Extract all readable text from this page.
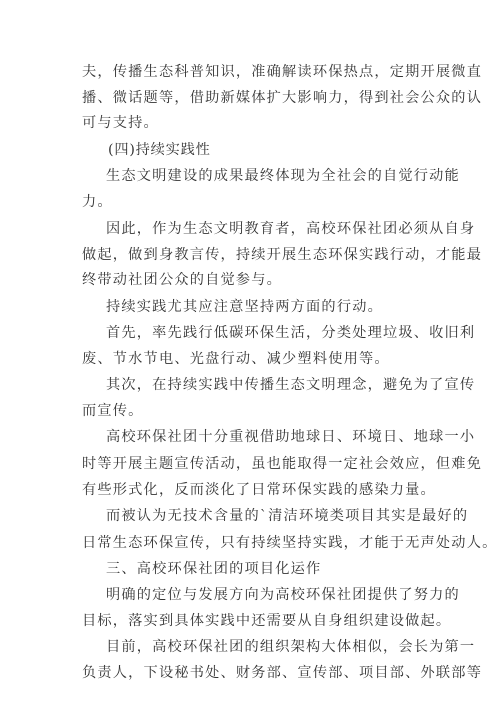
夫，传播生态科普知识，准确解读环保热点，定期开展微直
播、微话题等，借助新媒体扩大影响力，得到社会公众的认
可与支持。
(四)持续实践性
生态文明建设的成果最终体现为全社会的自觉行动能
力。
因此，作为生态文明教育者，高校环保社团必须从自身
做起，做到身教言传，持续开展生态环保实践行动，才能最
终带动社团公众的自觉参与。
持续实践尤其应注意坚持两方面的行动。
首先，率先践行低碳环保生活，分类处理垃圾、收旧利
废、节水节电、光盘行动、减少塑料使用等。
其次，在持续实践中传播生态文明理念，避免为了宣传
而宣传。
高校环保社团十分重视借助地球日、环境日、地球一小
时等开展主题宣传活动，虽也能取得一定社会效应，但难免
有些形式化，反而淡化了日常环保实践的感染力量。
而被认为无技术含量的`清洁环境类项目其实是最好的
日常生态环保宣传，只有持续坚持实践，才能于无声处动人。
三、高校环保社团的项目化运作
明确的定位与发展方向为高校环保社团提供了努力的
目标，落实到具体实践中还需要从自身组织建设做起。
目前，高校环保社团的组织架构大体相似，会长为第一
负责人，下设秘书处、财务部、宣传部、项目部、外联部等
